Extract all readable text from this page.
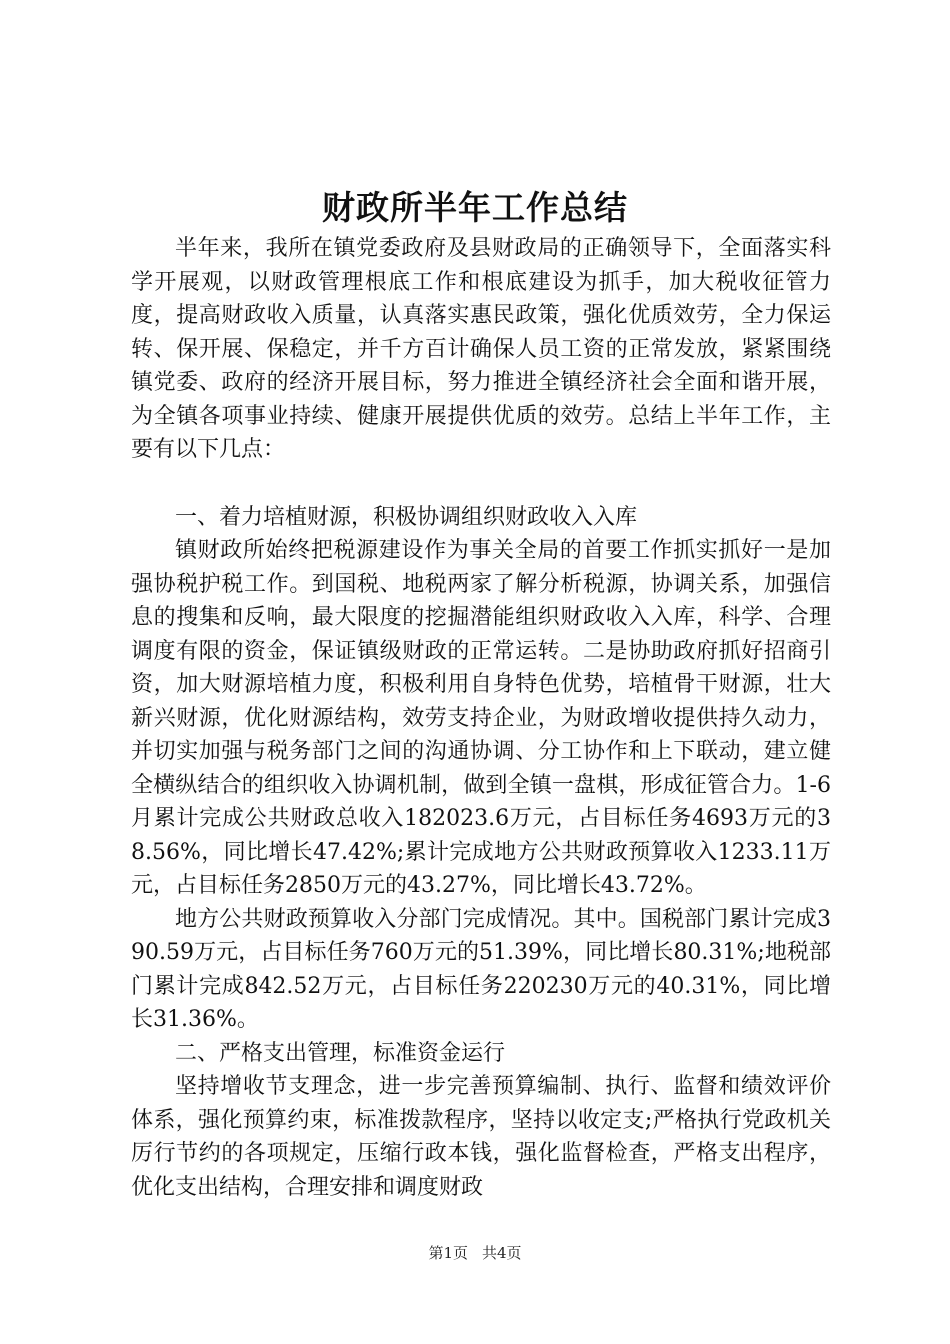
财政所半年工作总结

半年来，我所在镇党委政府及县财政局的正确领导下，全面落实科学开展观，以财政管理根底工作和根底建设为抓手，加大税收征管力度，提高财政收入质量，认真落实惠民政策，强化优质效劳，全力保运转、保开展、保稳定，并千方百计确保人员工资的正常发放，紧紧围绕镇党委、政府的经济开展目标，努力推进全镇经济社会全面和谐开展，为全镇各项事业持续、健康开展提供优质的效劳。总结上半年工作，主要有以下几点：

一、着力培植财源，积极协调组织财政收入入库

镇财政所始终把税源建设作为事关全局的首要工作抓实抓好一是加强协税护税工作。到国税、地税两家了解分析税源，协调关系，加强信息的搜集和反响，最大限度的挖掘潜能组织财政收入入库，科学、合理调度有限的资金，保证镇级财政的正常运转。二是协助政府抓好招商引资，加大财源培植力度，积极利用自身特色优势，培植骨干财源，壮大新兴财源，优化财源结构，效劳支持企业，为财政增收提供持久动力，并切实加强与税务部门之间的沟通协调、分工协作和上下联动，建立健全横纵结合的组织收入协调机制，做到全镇一盘棋，形成征管合力。1-6月累计完成公共财政总收入182023.6万元，占目标任务4693万元的38.56%，同比增长47.42%;累计完成地方公共财政预算收入1233.11万元，占目标任务2850万元的43.27%，同比增长43.72%。

地方公共财政预算收入分部门完成情况。其中。国税部门累计完成390.59万元，占目标任务760万元的51.39%，同比增长80.31%;地税部门累计完成842.52万元，占目标任务220230万元的40.31%，同比增长31.36%。

二、严格支出管理，标准资金运行

坚持增收节支理念，进一步完善预算编制、执行、监督和绩效评价体系，强化预算约束，标准拨款程序，坚持以收定支;严格执行党政机关厉行节约的各项规定，压缩行政本钱，强化监督检查，严格支出程序，优化支出结构，合理安排和调度财政

第1页 共4页
